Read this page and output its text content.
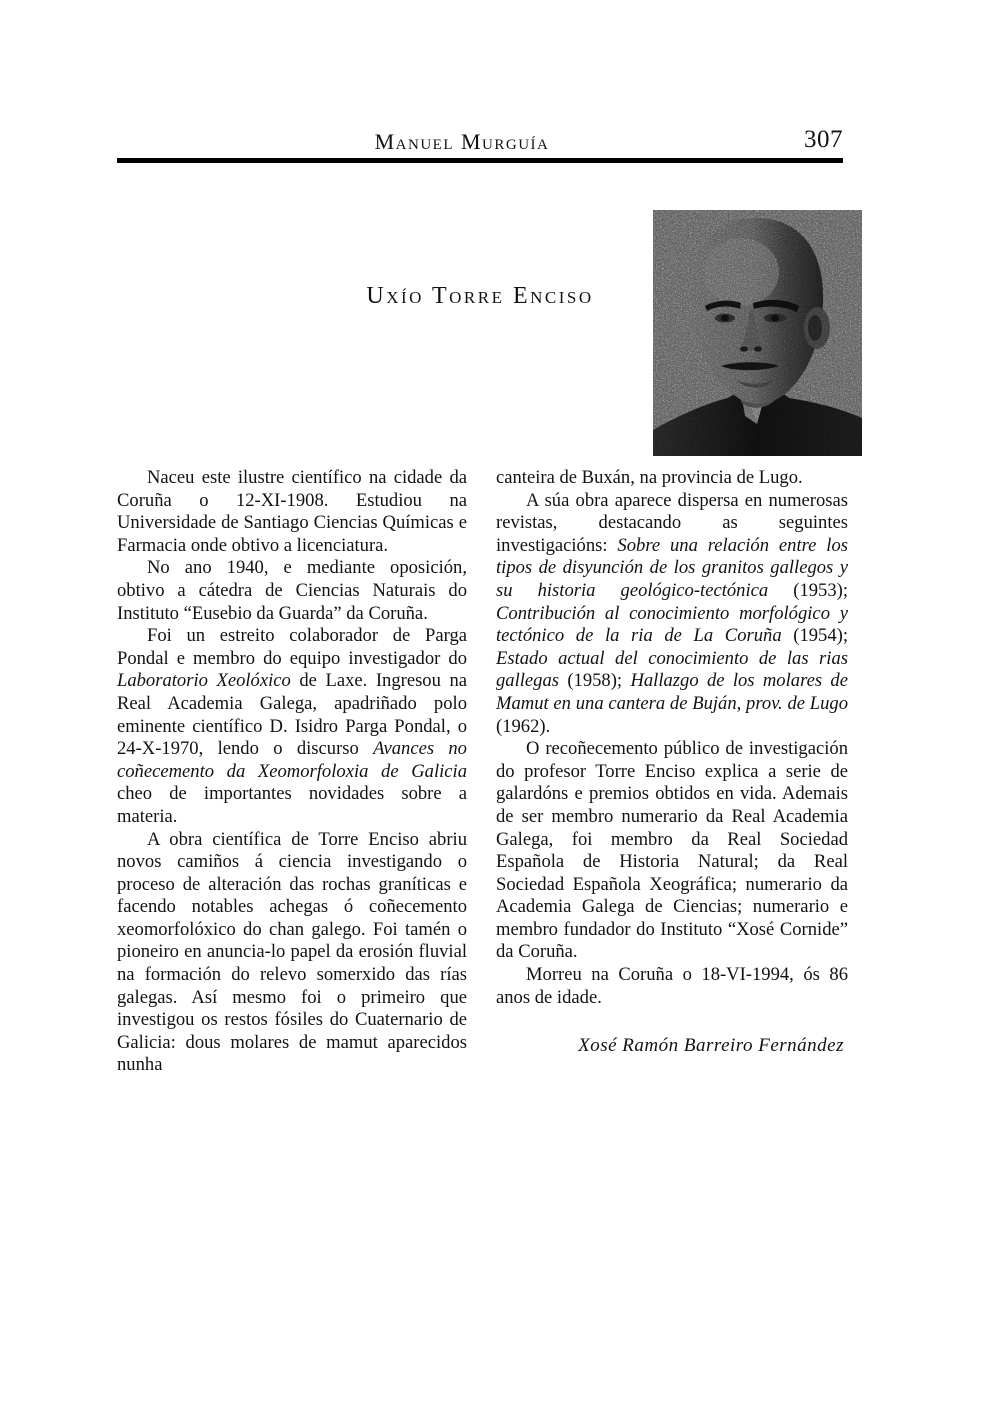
Manuel Murguía	307
Uxío Torre Enciso

Naceu este ilustre científico na cidade da Coruña o 12-XI-1908. Estudiou na Universidade de Santiago Ciencias Químicas e Farmacia onde obtivo a licenciatura.

No ano 1940, e mediante oposición, obtivo a cátedra de Ciencias Naturais do Instituto “Eusebio da Guarda” da Coruña.

Foi un estreito colaborador de Parga Pondal e membro do equipo investigador do Laboratorio Xeolóxico de Laxe. Ingresou na Real Academia Galega, apadriñado polo eminente científico D. Isidro Parga Pondal, o 24-X-1970, lendo o discurso Avances no coñecemento da Xeomorfoloxia de Galicia cheo de importantes novidades sobre a materia.

A obra científica de Torre Enciso abriu novos camiños á ciencia investigando o proceso de alteración das rochas graníticas e facendo notables achegas ó coñecemento xeomorfolóxico do chan galego. Foi tamén o pioneiro en anuncia-lo papel da erosión fluvial na formación do relevo somerxido das rías galegas. Así mesmo foi o primeiro que investigou os restos fósiles do Cuaternario de Galicia: dous molares de mamut aparecidos nunha

canteira de Buxán, na provincia de Lugo.

A súa obra aparece dispersa en numerosas revistas, destacando as seguintes investigacións: Sobre una relación entre los tipos de disyunción de los granitos gallegos y su historia geológico-tectónica (1953); Contribución al conocimiento morfológico y tectónico de la ria de La Coruña (1954); Estado actual del conocimiento de las rias gallegas (1958); Hallazgo de los molares de Mamut en una cantera de Buján, prov. de Lugo (1962).

O recoñecemento público de investigación do profesor Torre Enciso explica a serie de galardóns e premios obtidos en vida. Ademais de ser membro numerario da Real Academia Galega, foi membro da Real Sociedad Española de Historia Natural; da Real Sociedad Española Xeográfica; numerario da Academia Galega de Ciencias; numerario e membro fundador do Instituto “Xosé Cornide” da Coruña.

Morreu na Coruña o 18-VI-1994, ós 86 anos de idade.

Xosé Ramón Barreiro Fernández
